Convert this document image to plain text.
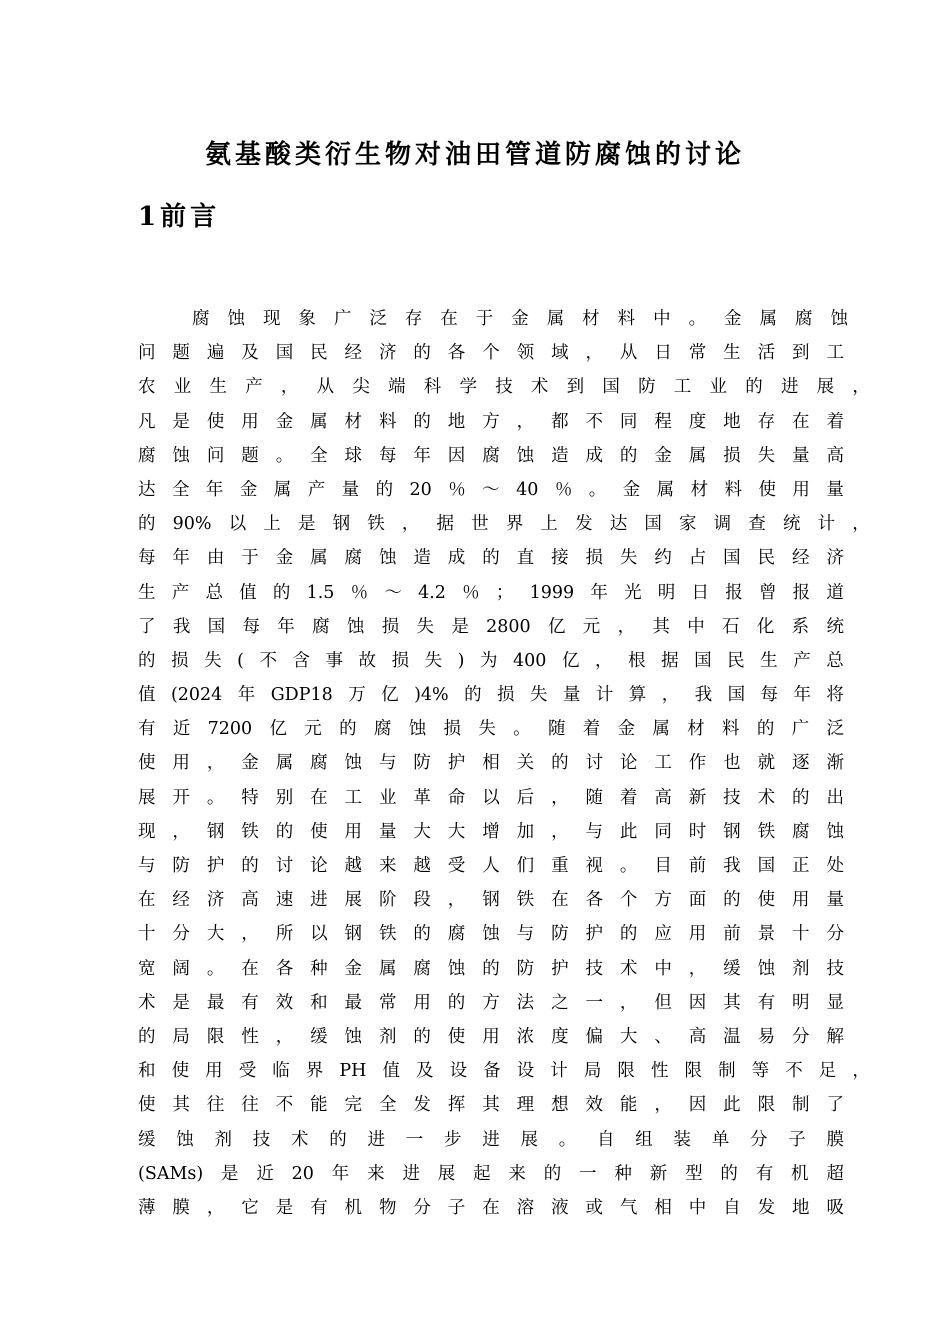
氨基酸类衍生物对油田管道防腐蚀的讨论
1前言
腐 蚀 现 象 广 泛 存 在 于 金 属 材 料 中 。 金 属 腐 蚀
问 题 遍 及 国 民 经 济 的 各 个 领 域 ， 从 日 常 生 活 到 工
农 业 生 产 ， 从 尖 端 科 学 技 术 到 国 防 工 业 的 进 展 ，
凡 是 使 用 金 属 材 料 的 地 方 ， 都 不 同 程 度 地 存 在 着
腐 蚀 问 题 。 全 球 每 年 因 腐 蚀 造 成 的 金 属 损 失 量 高
达 全 年 金 属 产 量 的 20 ％ ～ 40 ％ 。 金 属 材 料 使 用 量
的 90% 以 上 是 钢 铁 ， 据 世 界 上 发 达 国 家 调 查 统 计 ，
每 年 由 于 金 属 腐 蚀 造 成 的 直 接 损 失 约 占 国 民 经 济
生 产 总 值 的 1.5 ％ ～ 4.2 ％ ； 1999 年 光 明 日 报 曾 报 道
了 我 国 每 年 腐 蚀 损 失 是 2800 亿 元 ， 其 中 石 化 系 统
的 损 失 ( 不 含 事 故 损 失 ) 为 400 亿 ， 根 据 国 民 生 产 总
值 (2024 年 GDP18 万 亿 )4% 的 损 失 量 计 算 ， 我 国 每 年 将
有 近 7200 亿 元 的 腐 蚀 损 失 。 随 着 金 属 材 料 的 广 泛
使 用 ， 金 属 腐 蚀 与 防 护 相 关 的 讨 论 工 作 也 就 逐 渐
展 开 。 特 别 在 工 业 革 命 以 后 ， 随 着 高 新 技 术 的 出
现 ， 钢 铁 的 使 用 量 大 大 增 加 ， 与 此 同 时 钢 铁 腐 蚀
与 防 护 的 讨 论 越 来 越 受 人 们 重 视 。 目 前 我 国 正 处
在 经 济 高 速 进 展 阶 段 ， 钢 铁 在 各 个 方 面 的 使 用 量
十 分 大 ， 所 以 钢 铁 的 腐 蚀 与 防 护 的 应 用 前 景 十 分
宽 阔 。 在 各 种 金 属 腐 蚀 的 防 护 技 术 中 ， 缓 蚀 剂 技
术 是 最 有 效 和 最 常 用 的 方 法 之 一 ， 但 因 其 有 明 显
的 局 限 性 ， 缓 蚀 剂 的 使 用 浓 度 偏 大 、 高 温 易 分 解
和 使 用 受 临 界 PH 值 及 设 备 设 计 局 限 性 限 制 等 不 足 ，
使 其 往 往 不 能 完 全 发 挥 其 理 想 效 能 ， 因 此 限 制 了
缓 蚀 剂 技 术 的 进 一 步 进 展 。 自 组 装 单 分 子 膜
(SAMs) 是 近 20 年 来 进 展 起 来 的 一 种 新 型 的 有 机 超
薄 膜 ， 它 是 有 机 物 分 子 在 溶 液 或 气 相 中 自 发 地 吸
